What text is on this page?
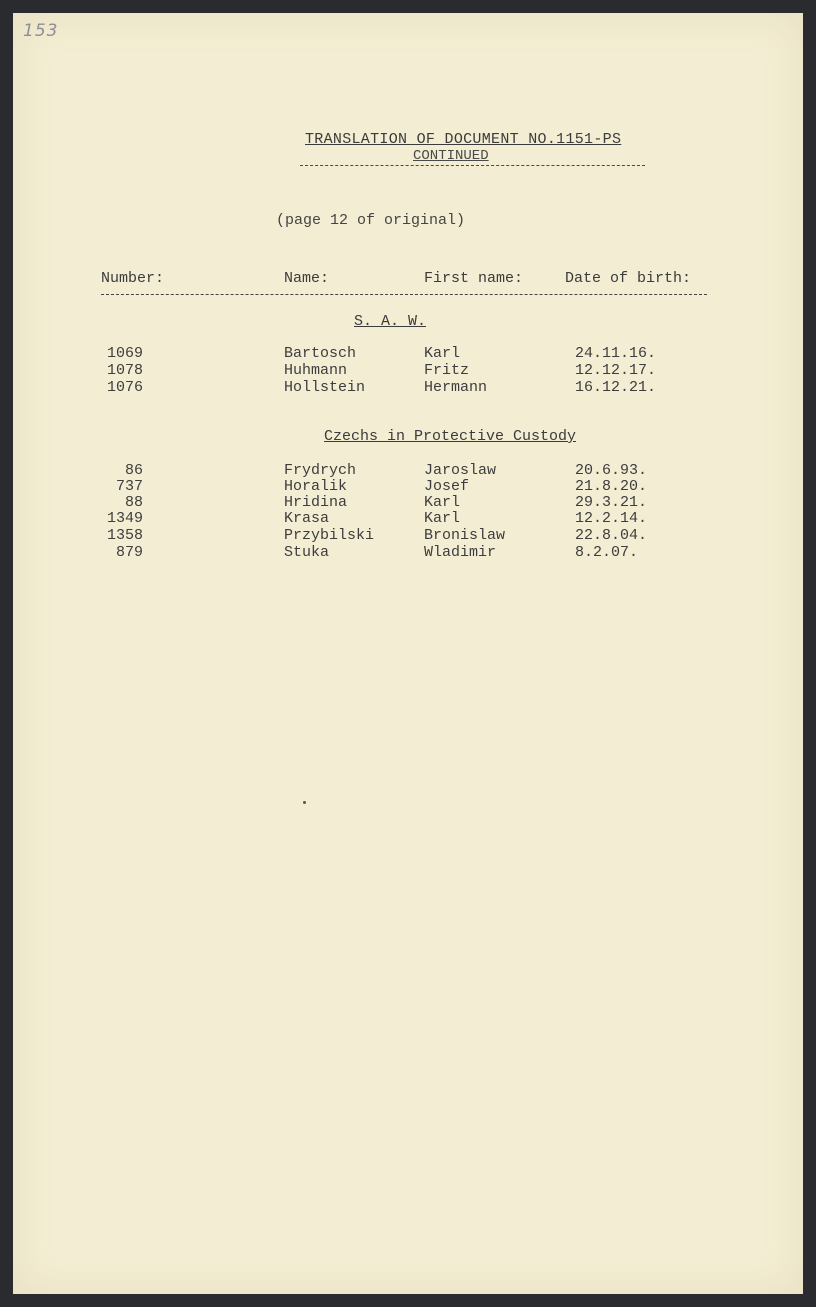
153
TRANSLATION OF DOCUMENT NO.1151-PS
CONTINUED
(page 12 of original)
Number:	Name:	First name:	Date of birth:
S. A. W.
1069	Bartosch	Karl	24.11.16.
1078	Huhmann	Fritz	12.12.17.
1076	Hollstein	Hermann	16.12.21.
Czechs in Protective Custody
86	Frydrych	Jaroslaw	20.6.93.
737	Horalik	Josef	21.8.20.
88	Hridina	Karl	29.3.21.
1349	Krasa	Karl	12.2.14.
1358	Przybilski	Bronislaw	22.8.04.
879	Stuka	Wladimir	8.2.07.
